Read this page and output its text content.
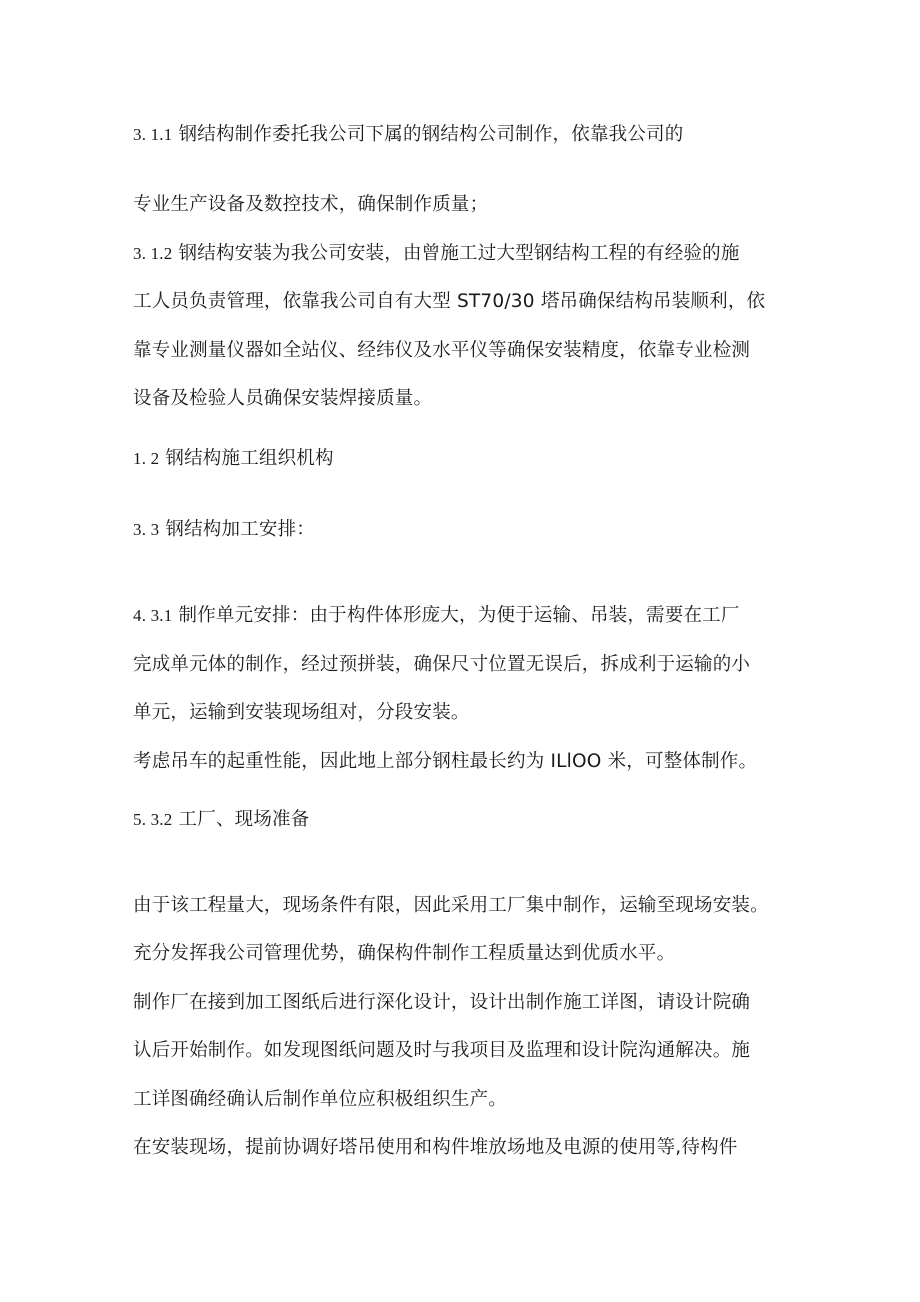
3. 1.1 钢结构制作委托我公司下属的钢结构公司制作，依靠我公司的
专业生产设备及数控技术，确保制作质量；
3. 1.2 钢结构安装为我公司安装，由曾施工过大型钢结构工程的有经验的施
工人员负责管理，依靠我公司自有大型 ST70/30 塔吊确保结构吊装顺利，依
靠专业测量仪器如全站仪、经纬仪及水平仪等确保安装精度，依靠专业检测
设备及检验人员确保安装焊接质量。
1. 2 钢结构施工组织机构
3. 3 钢结构加工安排：
4. 3.1 制作单元安排：由于构件体形庞大，为便于运输、吊装，需要在工厂
完成单元体的制作，经过预拼装，确保尺寸位置无误后，拆成利于运输的小
单元，运输到安装现场组对，分段安装。
考虑吊车的起重性能，因此地上部分钢柱最长约为 ILlOO 米，可整体制作。
5. 3.2 工厂、现场准备
由于该工程量大，现场条件有限，因此采用工厂集中制作，运输至现场安装。
充分发挥我公司管理优势，确保构件制作工程质量达到优质水平。
制作厂在接到加工图纸后进行深化设计，设计出制作施工详图，请设计院确
认后开始制作。如发现图纸问题及时与我项目及监理和设计院沟通解决。施
工详图确经确认后制作单位应积极组织生产。
在安装现场，提前协调好塔吊使用和构件堆放场地及电源的使用等,待构件
